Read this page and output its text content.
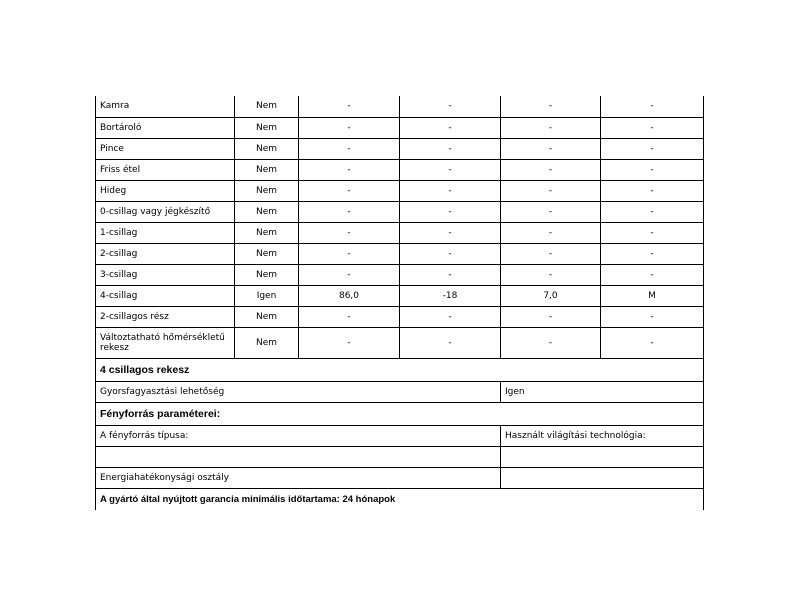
Kamra	Nem	-	-	-	-
Bortároló	Nem	-	-	-	-
Pince	Nem	-	-	-	-
Friss étel	Nem	-	-	-	-
Hideg	Nem	-	-	-	-
0-csillag vagy jégkészítő	Nem	-	-	-	-
1-csillag	Nem	-	-	-	-
2-csillag	Nem	-	-	-	-
3-csillag	Nem	-	-	-	-
4-csillag	Igen	86,0	-18	7,0	M
2-csillagos rész	Nem	-	-	-	-
Változtatható hőmérsékletű rekesz	Nem	-	-	-	-
4 csillagos rekesz					
Gyorsfagyasztási lehetőség				Igen	
Fényforrás paraméterei:					
A fényforrás típusa:				Használt világítási technológia:	

Energiahatékonysági osztály					
A gyártó által nyújtott garancia minimális időtartama: 24 hónapok					
